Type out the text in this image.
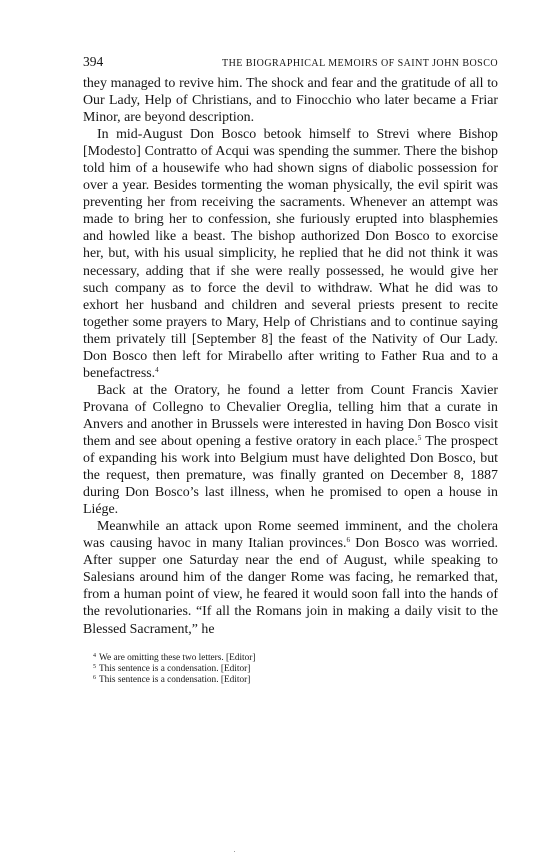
394	THE BIOGRAPHICAL MEMOIRS OF SAINT JOHN BOSCO

they managed to revive him. The shock and fear and the gratitude of all to Our Lady, Help of Christians, and to Finocchio who later became a Friar Minor, are beyond description.

In mid-August Don Bosco betook himself to Strevi where Bishop [Modesto] Contratto of Acqui was spending the summer. There the bishop told him of a housewife who had shown signs of diabolic possession for over a year. Besides tormenting the woman physically, the evil spirit was preventing her from receiving the sacraments. Whenever an attempt was made to bring her to confession, she furiously erupted into blasphemies and howled like a beast. The bishop authorized Don Bosco to exorcise her, but, with his usual simplicity, he replied that he did not think it was necessary, adding that if she were really possessed, he would give her such company as to force the devil to withdraw. What he did was to exhort her husband and children and several priests present to recite together some prayers to Mary, Help of Christians and to continue saying them privately till [September 8] the feast of the Nativity of Our Lady. Don Bosco then left for Mirabello after writing to Father Rua and to a benefactress.$^4$

Back at the Oratory, he found a letter from Count Francis Xavier Provana of Collegno to Chevalier Oreglia, telling him that a curate in Anvers and another in Brussels were interested in having Don Bosco visit them and see about opening a festive oratory in each place.$^5$ The prospect of expanding his work into Belgium must have delighted Don Bosco, but the request, then premature, was finally granted on December 8, 1887 during Don Bosco’s last illness, when he promised to open a house in Liége.

Meanwhile an attack upon Rome seemed imminent, and the cholera was causing havoc in many Italian provinces.$^6$ Don Bosco was worried. After supper one Saturday near the end of August, while speaking to Salesians around him of the danger Rome was facing, he remarked that, from a human point of view, he feared it would soon fall into the hands of the revolutionaries. “If all the Romans join in making a daily visit to the Blessed Sacrament,” he

$^4$ We are omitting these two letters. [Editor]
$^5$ This sentence is a condensation. [Editor]
$^6$ This sentence is a condensation. [Editor]
